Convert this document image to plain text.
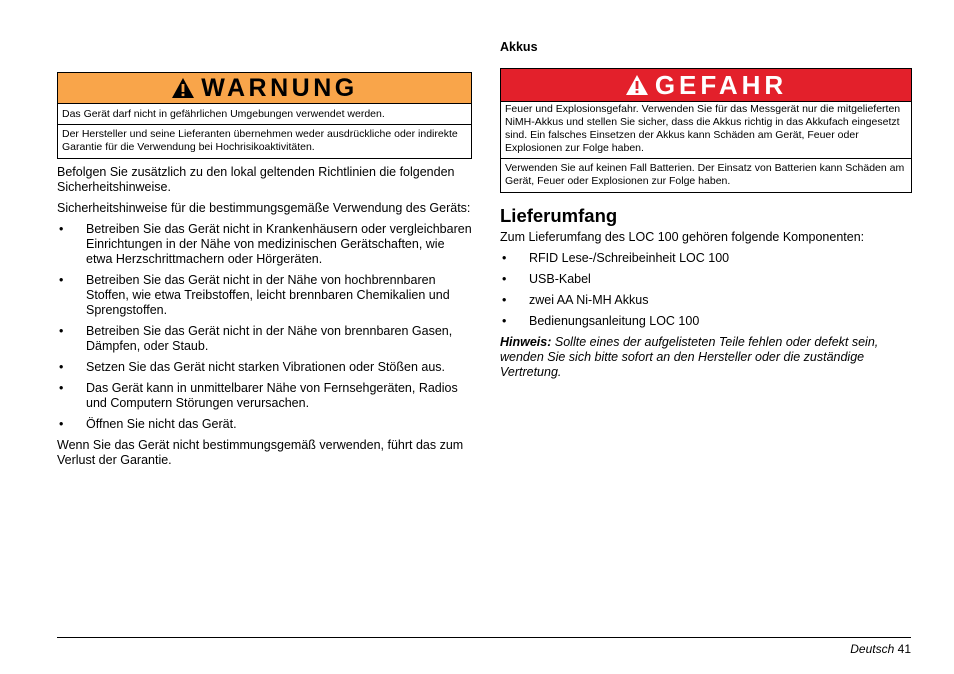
WARNUNG
Das Gerät darf nicht in gefährlichen Umgebungen verwendet werden.
Der Hersteller und seine Lieferanten übernehmen weder ausdrückliche oder indirekte Garantie für die Verwendung bei Hochrisikoaktivitäten.

Befolgen Sie zusätzlich zu den lokal geltenden Richtlinien die folgenden Sicherheitshinweise.

Sicherheitshinweise für die bestimmungsgemäße Verwendung des Geräts:

• Betreiben Sie das Gerät nicht in Krankenhäusern oder vergleichbaren Einrichtungen in der Nähe von medizinischen Gerätschaften, wie etwa Herzschrittmachern oder Hörgeräten.
• Betreiben Sie das Gerät nicht in der Nähe von hochbrennbaren Stoffen, wie etwa Treibstoffen, leicht brennbaren Chemikalien und Sprengstoffen.
• Betreiben Sie das Gerät nicht in der Nähe von brennbaren Gasen, Dämpfen, oder Staub.
• Setzen Sie das Gerät nicht starken Vibrationen oder Stößen aus.
• Das Gerät kann in unmittelbarer Nähe von Fernsehgeräten, Radios und Computern Störungen verursachen.
• Öffnen Sie nicht das Gerät.

Wenn Sie das Gerät nicht bestimmungsgemäß verwenden, führt das zum Verlust der Garantie.

Akkus

GEFAHR
Feuer und Explosionsgefahr. Verwenden Sie für das Messgerät nur die mitgelieferten NiMH-Akkus und stellen Sie sicher, dass die Akkus richtig in das Akkufach eingesetzt sind. Ein falsches Einsetzen der Akkus kann Schäden am Gerät, Feuer oder Explosionen zur Folge haben.
Verwenden Sie auf keinen Fall Batterien. Der Einsatz von Batterien kann Schäden am Gerät, Feuer oder Explosionen zur Folge haben.
Lieferumfang

Zum Lieferumfang des LOC 100 gehören folgende Komponenten:

• RFID Lese-/Schreibeinheit LOC 100
• USB-Kabel
• zwei AA Ni-MH Akkus
• Bedienungsanleitung LOC 100

Hinweis: Sollte eines der aufgelisteten Teile fehlen oder defekt sein, wenden Sie sich bitte sofort an den Hersteller oder die zuständige Vertretung.

Deutsch 41
